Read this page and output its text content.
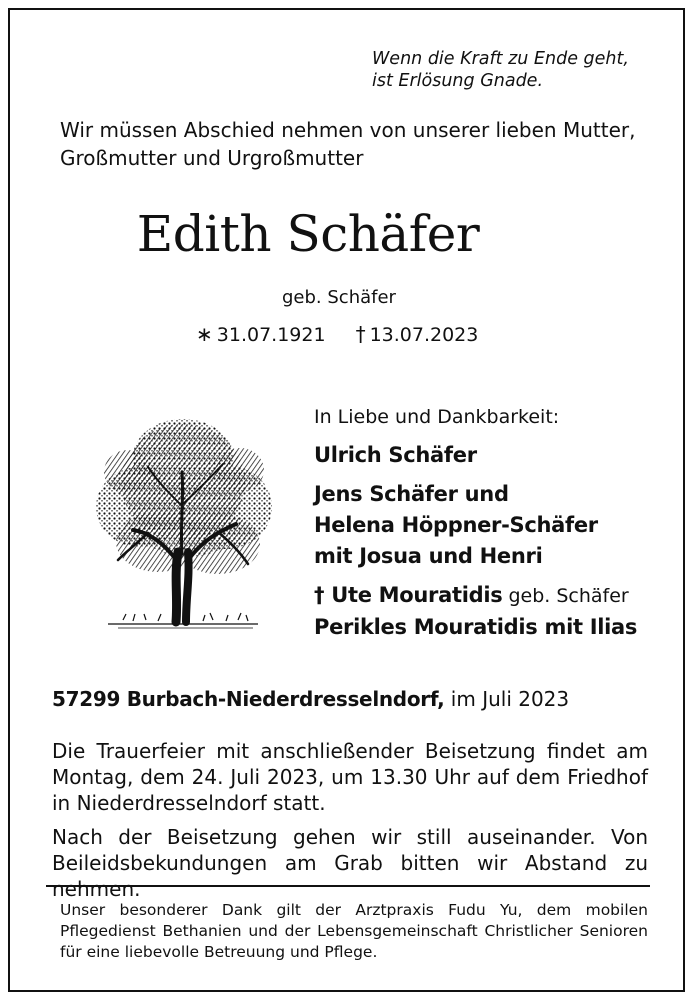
Wenn die Kraft zu Ende geht,
ist Erlösung Gnade.
Wir müssen Abschied nehmen von unserer lieben Mutter,
Großmutter und Urgroßmutter
Edith Schäfer
geb. Schäfer
∗ 31.07.1921 † 13.07.2023
In Liebe und Dankbarkeit:
Ulrich Schäfer
Jens Schäfer und
Helena Höppner-Schäfer
mit Josua und Henri
† Ute Mouratidis geb. Schäfer
Perikles Mouratidis mit Ilias
57299 Burbach-Niederdresselndorf, im Juli 2023
Die Trauerfeier mit anschließender Beisetzung findet am Montag, dem 24. Juli 2023, um 13.30 Uhr auf dem Friedhof in Niederdresselndorf statt.
Nach der Beisetzung gehen wir still auseinander. Von Beileidsbekundungen am Grab bitten wir Abstand zu nehmen.
Unser besonderer Dank gilt der Arztpraxis Fudu Yu, dem mobilen Pflegedienst Bethanien und der Lebensgemeinschaft Christlicher Senioren für eine liebevolle Betreuung und Pflege.
